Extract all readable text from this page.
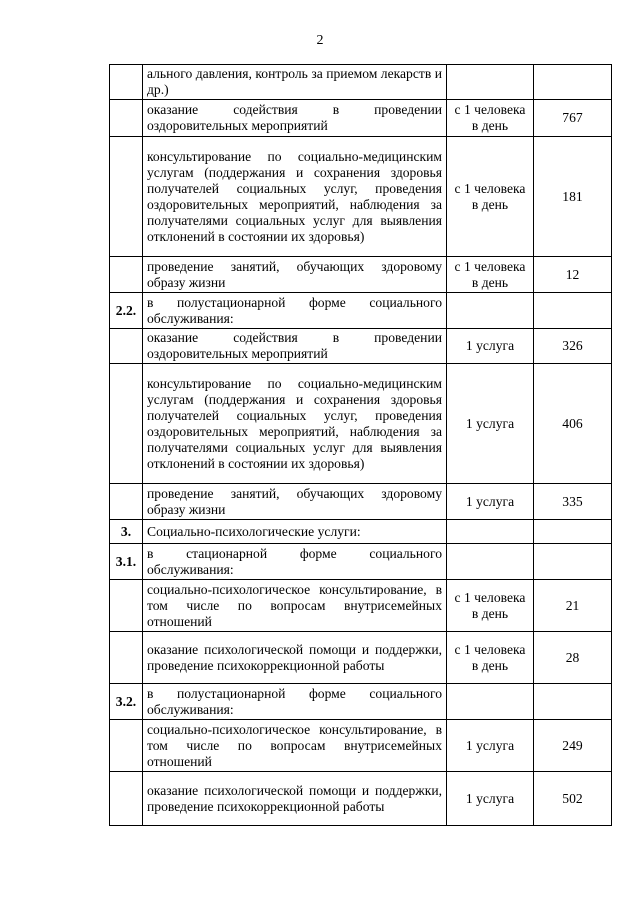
2
	ального давления, контроль за приемом лекарств и др.)		
	оказание содействия в проведении оздоровительных мероприятий	с 1 человека в день	767
	консультирование по социально-медицинским услугам (поддержания и сохранения здоровья получателей социальных услуг, проведения оздоровительных мероприятий, наблюдения за получателями социальных услуг для выявления отклонений в состоянии их здоровья)	с 1 человека в день	181
	проведение занятий, обучающих здоровому образу жизни	с 1 человека в день	12
2.2.	в полустационарной форме социального обслуживания:		
	оказание содействия в проведении оздоровительных мероприятий	1 услуга	326
	консультирование по социально-медицинским услугам (поддержания и сохранения здоровья получателей социальных услуг, проведения оздоровительных мероприятий, наблюдения за получателями социальных услуг для выявления отклонений в состоянии их здоровья)	1 услуга	406
	проведение занятий, обучающих здоровому образу жизни	1 услуга	335
3.	Социально-психологические услуги:		
3.1.	в стационарной форме социального обслуживания:		
	социально-психологическое консультирование, в том числе по вопросам внутрисемейных отношений	с 1 человека в день	21
	оказание психологической помощи и поддержки, проведение психокоррекционной работы	с 1 человека в день	28
3.2.	в полустационарной форме социального обслуживания:		
	социально-психологическое консультирование, в том числе по вопросам внутрисемейных отношений	1 услуга	249
	оказание психологической помощи и поддержки, проведение психокоррекционной работы	1 услуга	502
